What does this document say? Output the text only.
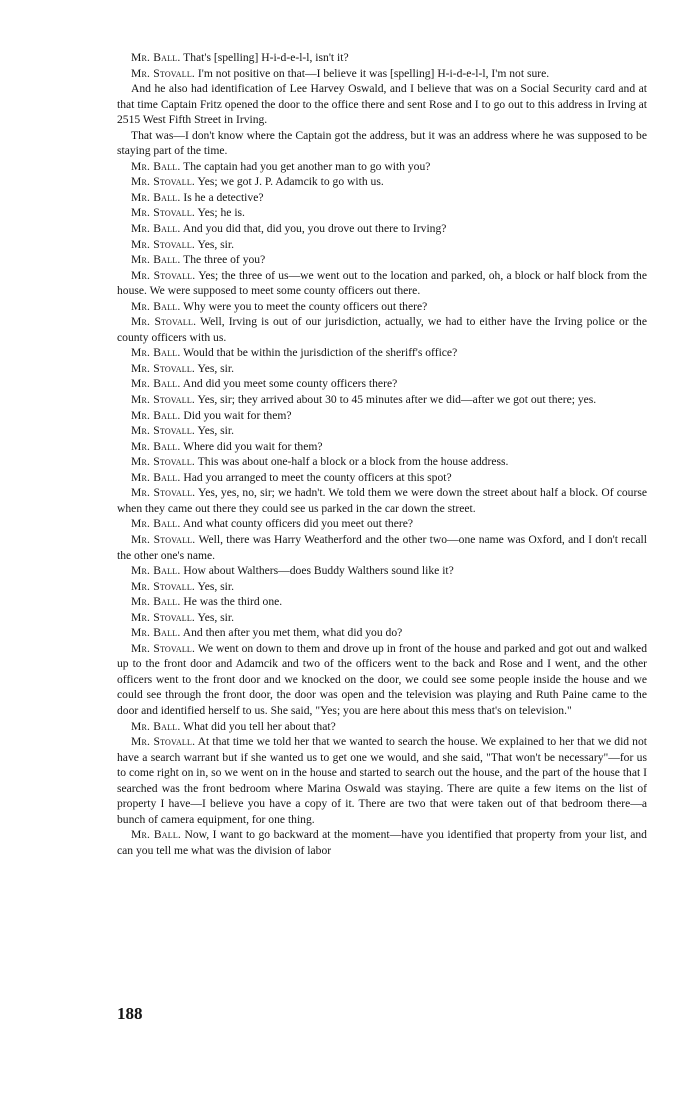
Mr. Ball. That's [spelling] H-i-d-e-l-l, isn't it?

Mr. Stovall. I'm not positive on that—I believe it was [spelling] H-i-d-e-l-l, I'm not sure.

And he also had identification of Lee Harvey Oswald, and I believe that was on a Social Security card and at that time Captain Fritz opened the door to the office there and sent Rose and I to go out to this address in Irving at 2515 West Fifth Street in Irving.

That was—I don't know where the Captain got the address, but it was an address where he was supposed to be staying part of the time.

Mr. Ball. The captain had you get another man to go with you?

Mr. Stovall. Yes; we got J. P. Adamcik to go with us.

Mr. Ball. Is he a detective?

Mr. Stovall. Yes; he is.

Mr. Ball. And you did that, did you, you drove out there to Irving?

Mr. Stovall. Yes, sir.

Mr. Ball. The three of you?

Mr. Stovall. Yes; the three of us—we went out to the location and parked, oh, a block or half block from the house. We were supposed to meet some county officers out there.

Mr. Ball. Why were you to meet the county officers out there?

Mr. Stovall. Well, Irving is out of our jurisdiction, actually, we had to either have the Irving police or the county officers with us.

Mr. Ball. Would that be within the jurisdiction of the sheriff's office?

Mr. Stovall. Yes, sir.

Mr. Ball. And did you meet some county officers there?

Mr. Stovall. Yes, sir; they arrived about 30 to 45 minutes after we did—after we got out there; yes.

Mr. Ball. Did you wait for them?

Mr. Stovall. Yes, sir.

Mr. Ball. Where did you wait for them?

Mr. Stovall. This was about one-half a block or a block from the house address.

Mr. Ball. Had you arranged to meet the county officers at this spot?

Mr. Stovall. Yes, yes, no, sir; we hadn't. We told them we were down the street about half a block. Of course when they came out there they could see us parked in the car down the street.

Mr. Ball. And what county officers did you meet out there?

Mr. Stovall. Well, there was Harry Weatherford and the other two—one name was Oxford, and I don't recall the other one's name.

Mr. Ball. How about Walthers—does Buddy Walthers sound like it?

Mr. Stovall. Yes, sir.

Mr. Ball. He was the third one.

Mr. Stovall. Yes, sir.

Mr. Ball. And then after you met them, what did you do?

Mr. Stovall. We went on down to them and drove up in front of the house and parked and got out and walked up to the front door and Adamcik and two of the officers went to the back and Rose and I went, and the other officers went to the front door and we knocked on the door, we could see some people inside the house and we could see through the front door, the door was open and the television was playing and Ruth Paine came to the door and identified herself to us. She said, "Yes; you are here about this mess that's on television."

Mr. Ball. What did you tell her about that?

Mr. Stovall. At that time we told her that we wanted to search the house. We explained to her that we did not have a search warrant but if she wanted us to get one we would, and she said, "That won't be necessary"—for us to come right on in, so we went on in the house and started to search out the house, and the part of the house that I searched was the front bedroom where Marina Oswald was staying. There are quite a few items on the list of property I have—I believe you have a copy of it. There are two that were taken out of that bedroom there—a bunch of camera equipment, for one thing.

Mr. Ball. Now, I want to go backward at the moment—have you identified that property from your list, and can you tell me what was the division of labor

188
